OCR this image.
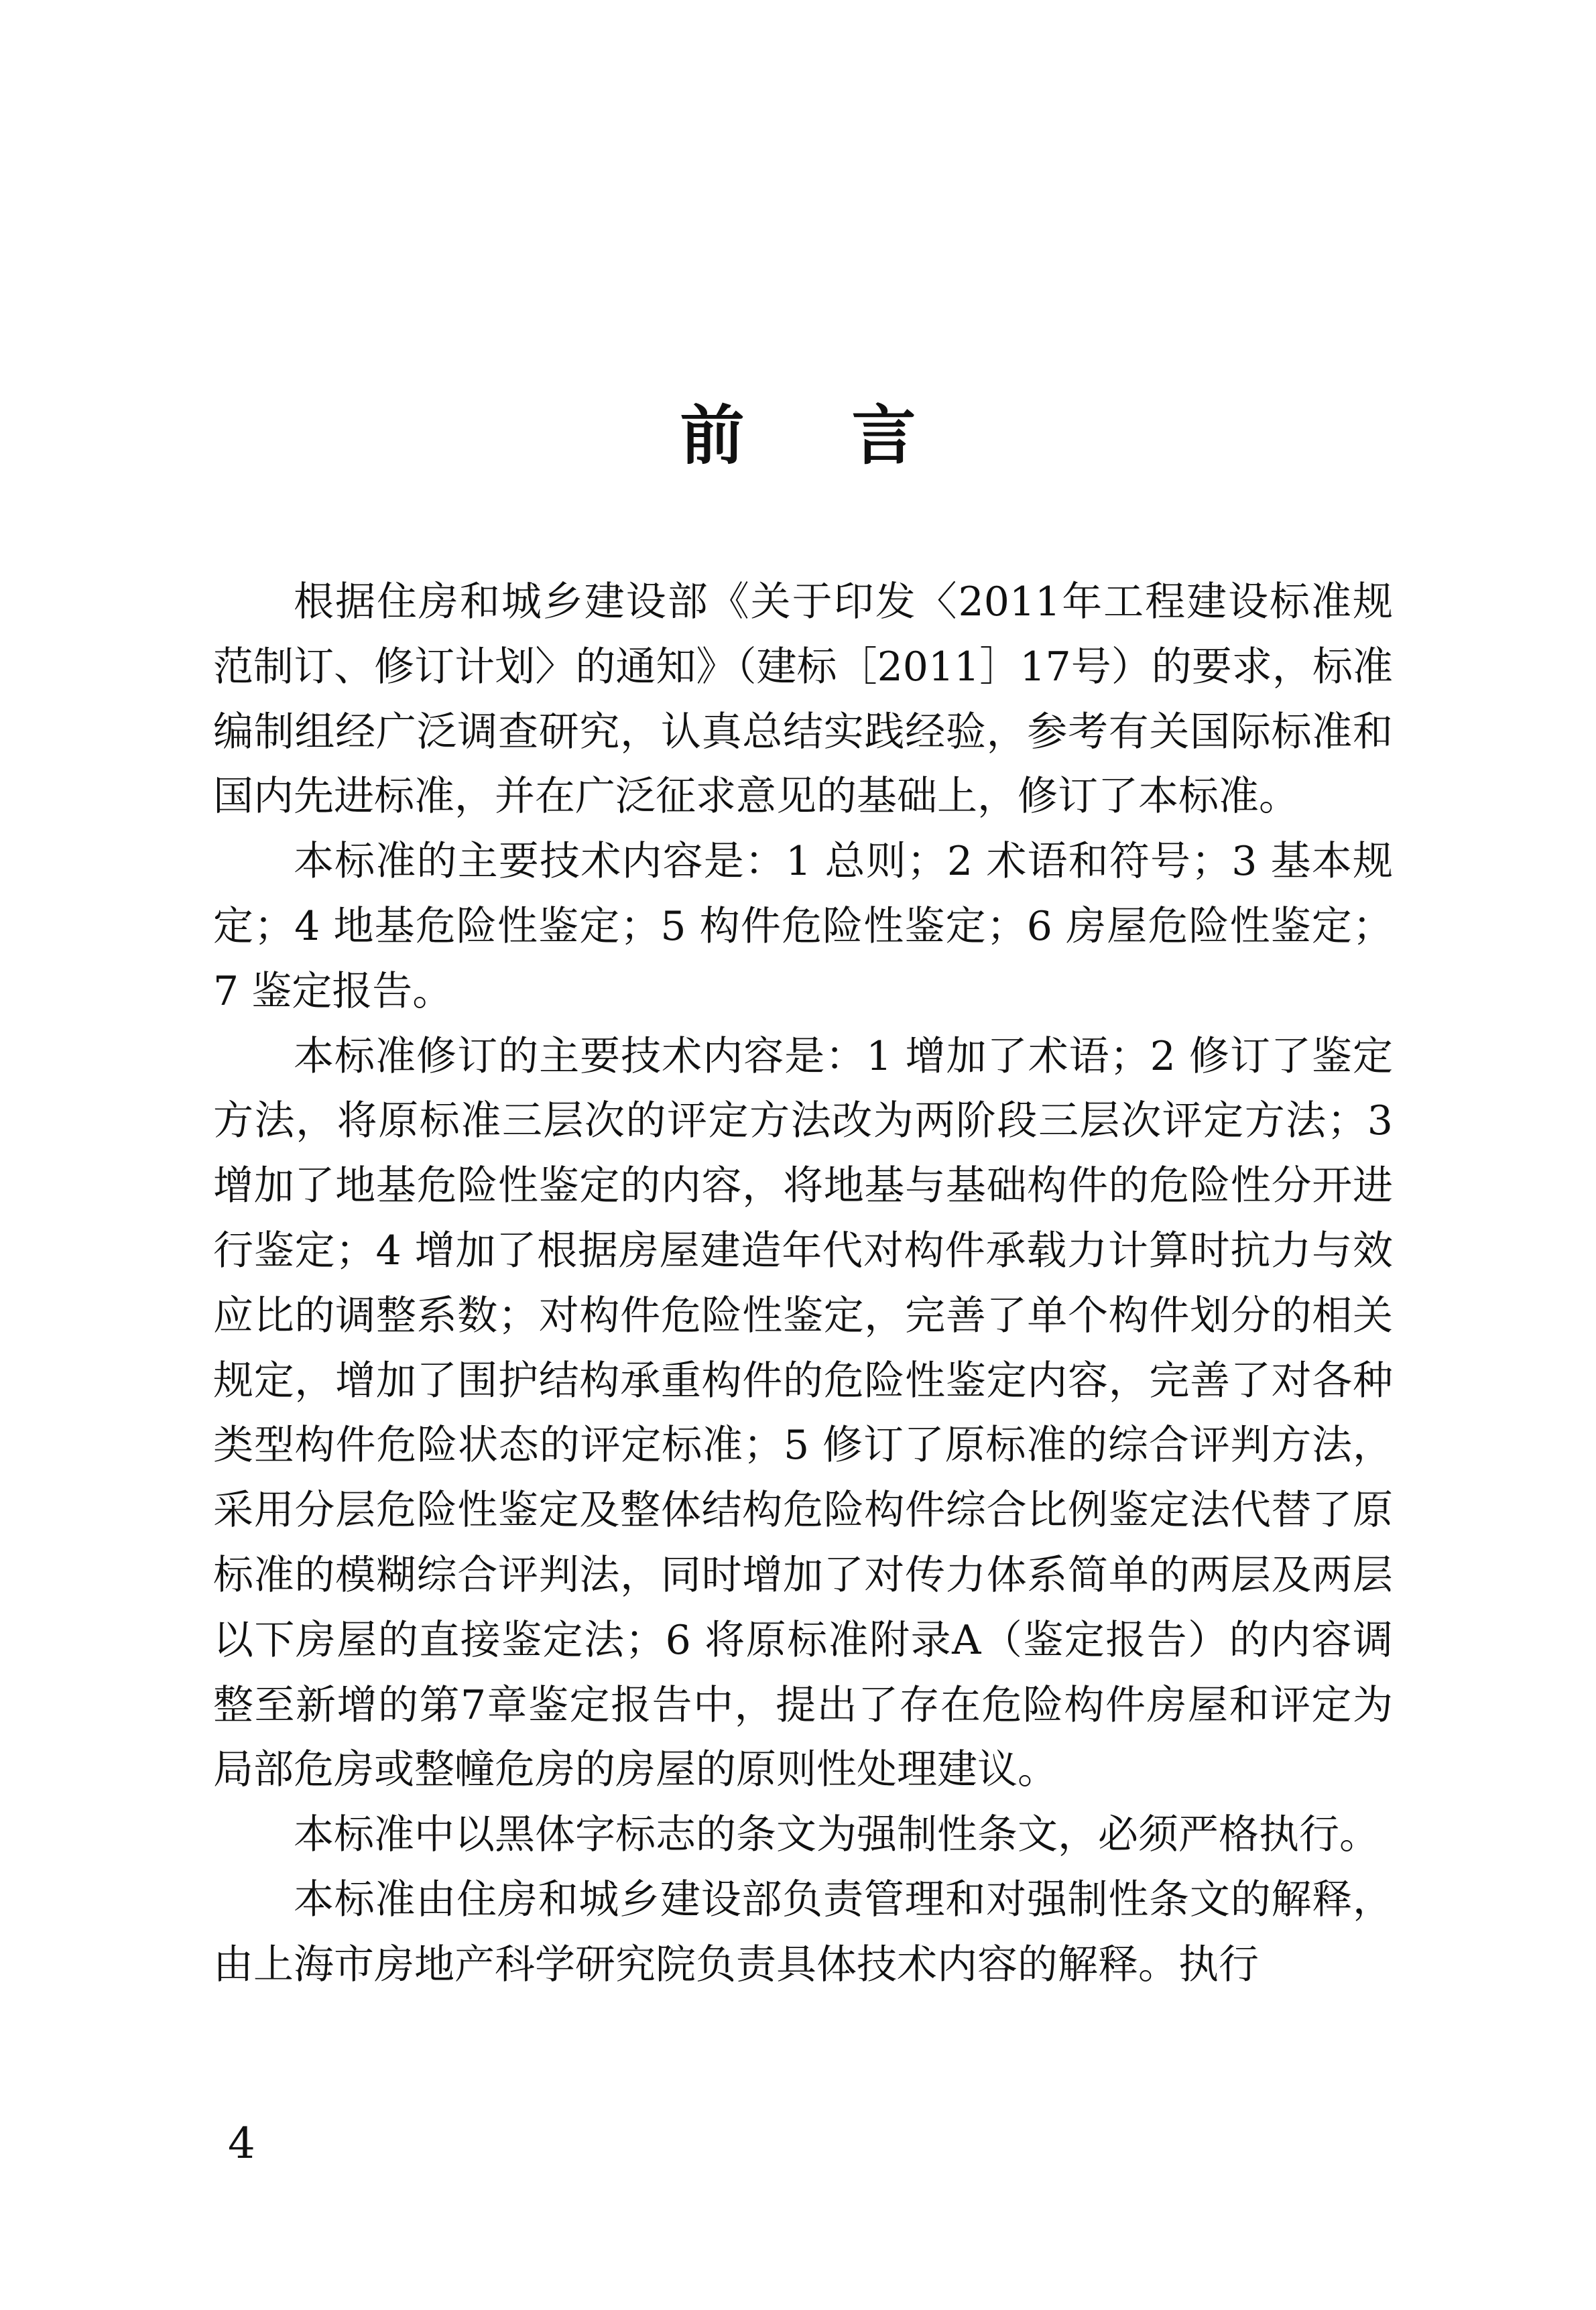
前言

根据住房和城乡建设部《关于印发〈2011年工程建设标准规范制订、修订计划〉的通知》（建标［2011］17号）的要求，标准编制组经广泛调查研究，认真总结实践经验，参考有关国际标准和国内先进标准，并在广泛征求意见的基础上，修订了本标准。

本标准的主要技术内容是：1 总则；2 术语和符号；3 基本规定；4 地基危险性鉴定；5 构件危险性鉴定；6 房屋危险性鉴定；7 鉴定报告。

本标准修订的主要技术内容是：1 增加了术语；2 修订了鉴定方法，将原标准三层次的评定方法改为两阶段三层次评定方法；3 增加了地基危险性鉴定的内容，将地基与基础构件的危险性分开进行鉴定；4 增加了根据房屋建造年代对构件承载力计算时抗力与效应比的调整系数；对构件危险性鉴定，完善了单个构件划分的相关规定，增加了围护结构承重构件的危险性鉴定内容，完善了对各种类型构件危险状态的评定标准；5 修订了原标准的综合评判方法，采用分层危险性鉴定及整体结构危险构件综合比例鉴定法代替了原标准的模糊综合评判法，同时增加了对传力体系简单的两层及两层以下房屋的直接鉴定法；6 将原标准附录A（鉴定报告）的内容调整至新增的第7章鉴定报告中，提出了存在危险构件房屋和评定为局部危房或整幢危房的房屋的原则性处理建议。

本标准中以黑体字标志的条文为强制性条文，必须严格执行。

本标准由住房和城乡建设部负责管理和对强制性条文的解释，由上海市房地产科学研究院负责具体技术内容的解释。执行

4
